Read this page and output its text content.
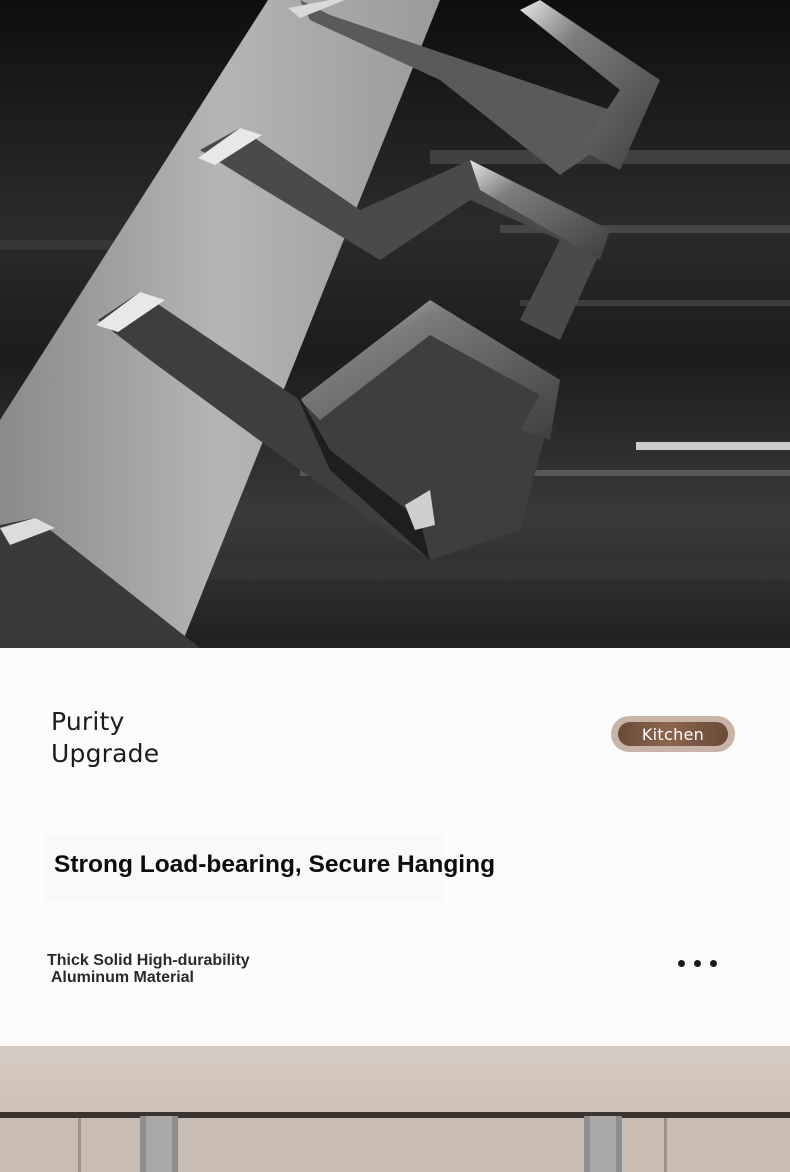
Purity
Upgrade
Kitchen
Strong Load-bearing, Secure Hanging
Thick Solid High-durability
Aluminum Material
